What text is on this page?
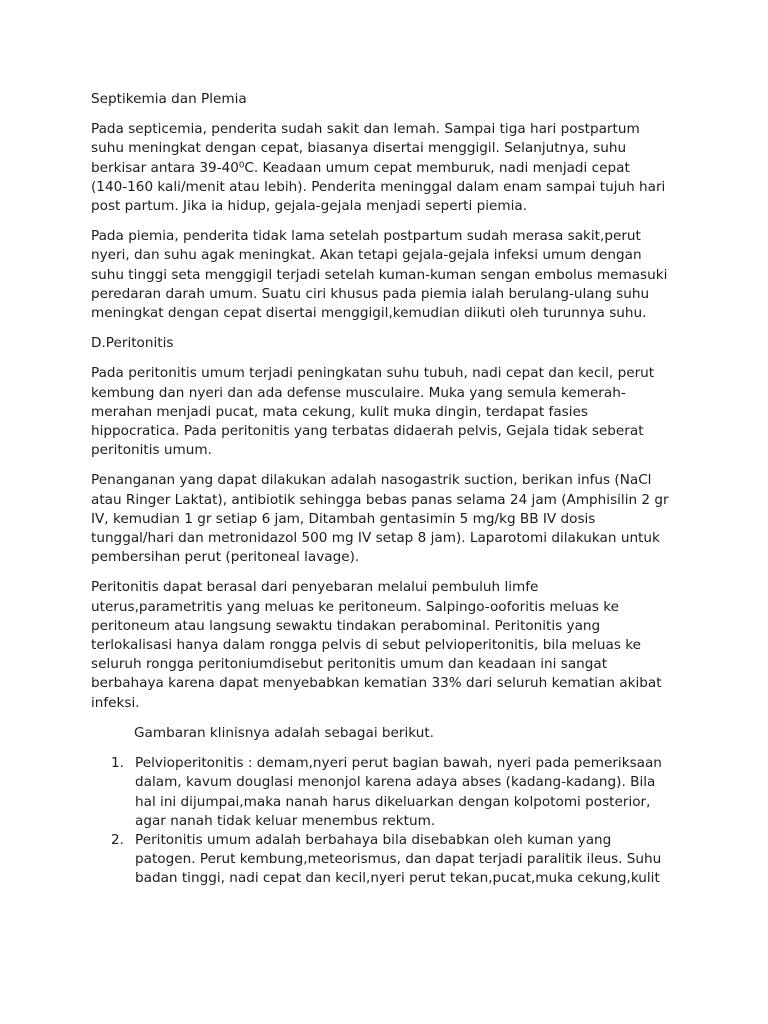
Septikemia dan Plemia
Pada septicemia, penderita sudah sakit dan lemah. Sampai tiga hari postpartum
suhu meningkat dengan cepat, biasanya disertai menggigil. Selanjutnya, suhu
berkisar antara 39-40⁰C. Keadaan umum cepat memburuk, nadi menjadi cepat
(140-160 kali/menit atau lebih). Penderita meninggal dalam enam sampai tujuh hari
post partum. Jika ia hidup, gejala-gejala menjadi seperti piemia.
Pada piemia, penderita tidak lama setelah postpartum sudah merasa sakit,perut
nyeri, dan suhu agak meningkat. Akan tetapi gejala-gejala infeksi umum dengan
suhu tinggi seta menggigil terjadi setelah kuman-kuman sengan embolus memasuki
peredaran darah umum. Suatu ciri khusus pada piemia ialah berulang-ulang suhu
meningkat dengan cepat disertai menggigil,kemudian diikuti oleh turunnya suhu.
D.Peritonitis
Pada peritonitis umum terjadi peningkatan suhu tubuh, nadi cepat dan kecil, perut
kembung dan nyeri dan ada defense musculaire. Muka yang semula kemerah-
merahan menjadi pucat, mata cekung, kulit muka dingin, terdapat fasies
hippocratica. Pada peritonitis yang terbatas didaerah pelvis, Gejala tidak seberat
peritonitis umum.
Penanganan yang dapat dilakukan adalah nasogastrik suction, berikan infus (NaCl
atau Ringer Laktat), antibiotik sehingga bebas panas selama 24 jam (Amphisilin 2 gr
IV, kemudian 1 gr setiap 6 jam, Ditambah gentasimin 5 mg/kg BB IV dosis
tunggal/hari dan metronidazol 500 mg IV setap 8 jam). Laparotomi dilakukan untuk
pembersihan perut (peritoneal lavage).
Peritonitis dapat berasal dari penyebaran melalui pembuluh limfe
uterus,parametritis yang meluas ke peritoneum. Salpingo-ooforitis meluas ke
peritoneum atau langsung sewaktu tindakan perabominal. Peritonitis yang
terlokalisasi hanya dalam rongga pelvis di sebut pelvioperitonitis, bila meluas ke
seluruh rongga peritoniumdisebut peritonitis umum dan keadaan ini sangat
berbahaya karena dapat menyebabkan kematian 33% dari seluruh kematian akibat
infeksi.
Gambaran klinisnya adalah sebagai berikut.
1. Pelvioperitonitis : demam,nyeri perut bagian bawah, nyeri pada pemeriksaan
dalam, kavum douglasi menonjol karena adaya abses (kadang-kadang). Bila
hal ini dijumpai,maka nanah harus dikeluarkan dengan kolpotomi posterior,
agar nanah tidak keluar menembus rektum.
2. Peritonitis umum adalah berbahaya bila disebabkan oleh kuman yang
patogen. Perut kembung,meteorismus, dan dapat terjadi paralitik ileus. Suhu
badan tinggi, nadi cepat dan kecil,nyeri perut tekan,pucat,muka cekung,kulit
